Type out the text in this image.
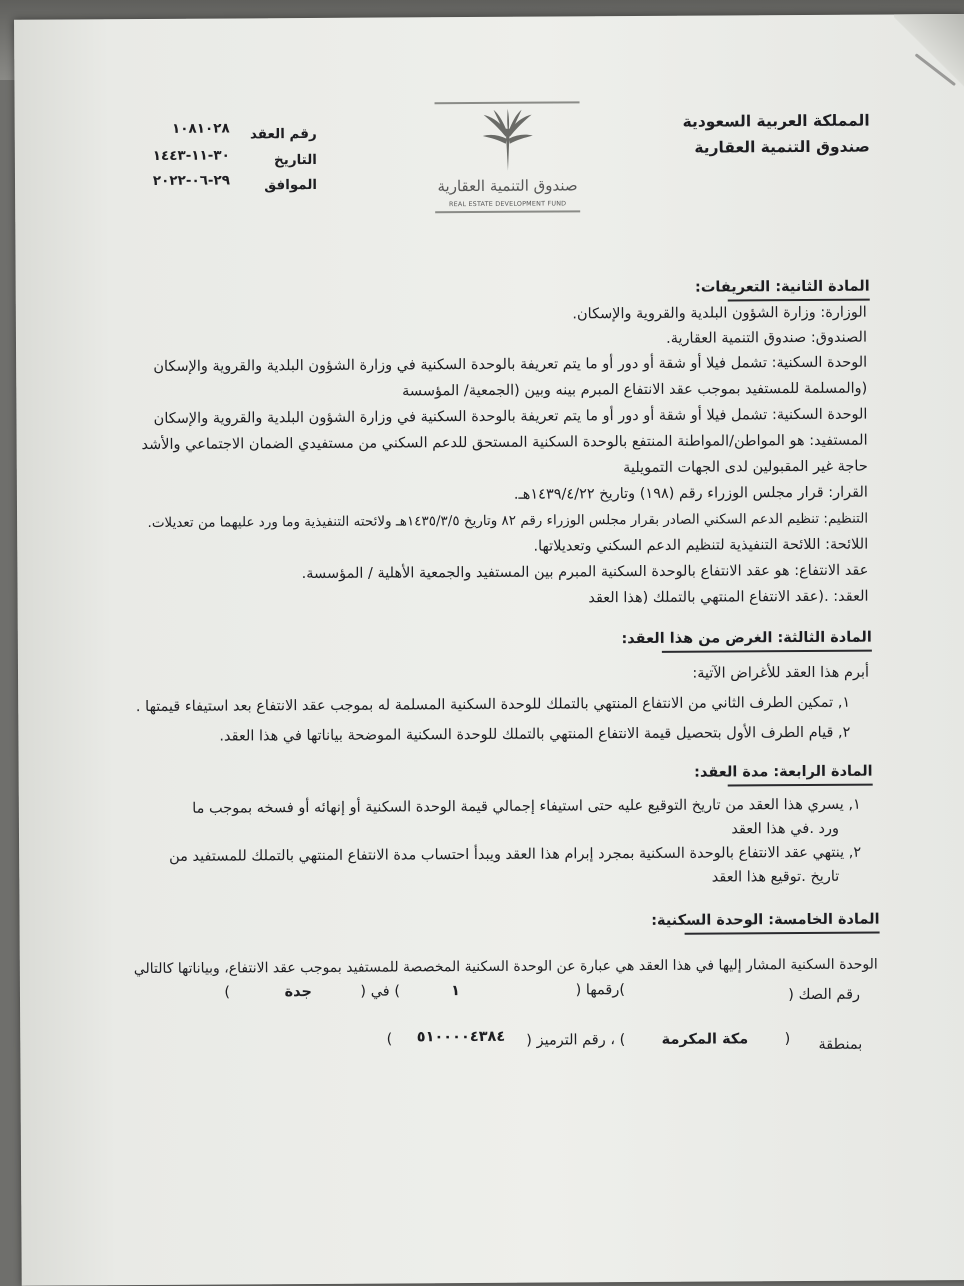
المملكة العربية السعودية
صندوق التنمية العقارية
صندوق التنمية العقارية
REAL ESTATE DEVELOPMENT FUND
رقم العقد
١٠٨١٠٢٨
التاريخ
٣٠-١١-١٤٤٣
الموافق
٢٩-٠٦-٢٠٢٢
المادة الثانية: التعريفات:
الوزارة: وزارة الشؤون البلدية والقروية والإسكان.
الصندوق: صندوق التنمية العقارية.
الوحدة السكنية: تشمل فيلا أو شقة أو دور أو ما يتم تعريفة بالوحدة السكنية في وزارة الشؤون البلدية والقروية والإسكان
(والمسلمة للمستفيد بموجب عقد الانتفاع المبرم بينه وبين (الجمعية/ المؤسسة
الوحدة السكنية: تشمل فيلا أو شقة أو دور أو ما يتم تعريفة بالوحدة السكنية في وزارة الشؤون البلدية والقروية والإسكان
المستفيد: هو المواطن/المواطنة المنتفع بالوحدة السكنية المستحق للدعم السكني من مستفيدي الضمان الاجتماعي والأشد
حاجة غير المقبولين لدى الجهات التمويلية
القرار: قرار مجلس الوزراء رقم (١٩٨) وتاريخ ١٤٣٩/٤/٢٢هـ.
التنظيم: تنظيم الدعم السكني الصادر بقرار مجلس الوزراء رقم ٨٢ وتاريخ ١٤٣٥/٣/٥هـ ولائحته التنفيذية وما ورد عليهما من تعديلات.
اللائحة: اللائحة التنفيذية لتنظيم الدعم السكني وتعديلاتها.
عقد الانتفاع: هو عقد الانتفاع بالوحدة السكنية المبرم بين المستفيد والجمعية الأهلية / المؤسسة.
العقد: .(عقد الانتفاع المنتهي بالتملك (هذا العقد
المادة الثالثة: الغرض من هذا العقد:
أبرم هذا العقد للأغراض الآتية:
١, تمكين الطرف الثاني من الانتفاع المنتهي بالتملك للوحدة السكنية المسلمة له بموجب عقد الانتفاع بعد استيفاء قيمتها .
٢, قيام الطرف الأول بتحصيل قيمة الانتفاع المنتهي بالتملك للوحدة السكنية الموضحة بياناتها في هذا العقد.
المادة الرابعة: مدة العقد:
١, يسري هذا العقد من تاريخ التوقيع عليه حتى استيفاء إجمالي قيمة الوحدة السكنية أو إنهائه أو فسخه بموجب ما
ورد .في هذا العقد
٢, ينتهي عقد الانتفاع بالوحدة السكنية بمجرد إبرام هذا العقد ويبدأ احتساب مدة الانتفاع المنتهي بالتملك للمستفيد من
تاريخ .توقيع هذا العقد
المادة الخامسة: الوحدة السكنية:
الوحدة السكنية المشار إليها في هذا العقد هي عبارة عن الوحدة السكنية المخصصة للمستفيد بموجب عقد الانتفاع، وبياناتها كالتالي
رقم الصك (
)رقمها (
١
) في (
جدة
)
بمنطقة
(
مكة المكرمة
) ، رقم الترميز (
٥١٠٠٠٠٤٣٨٤
)
